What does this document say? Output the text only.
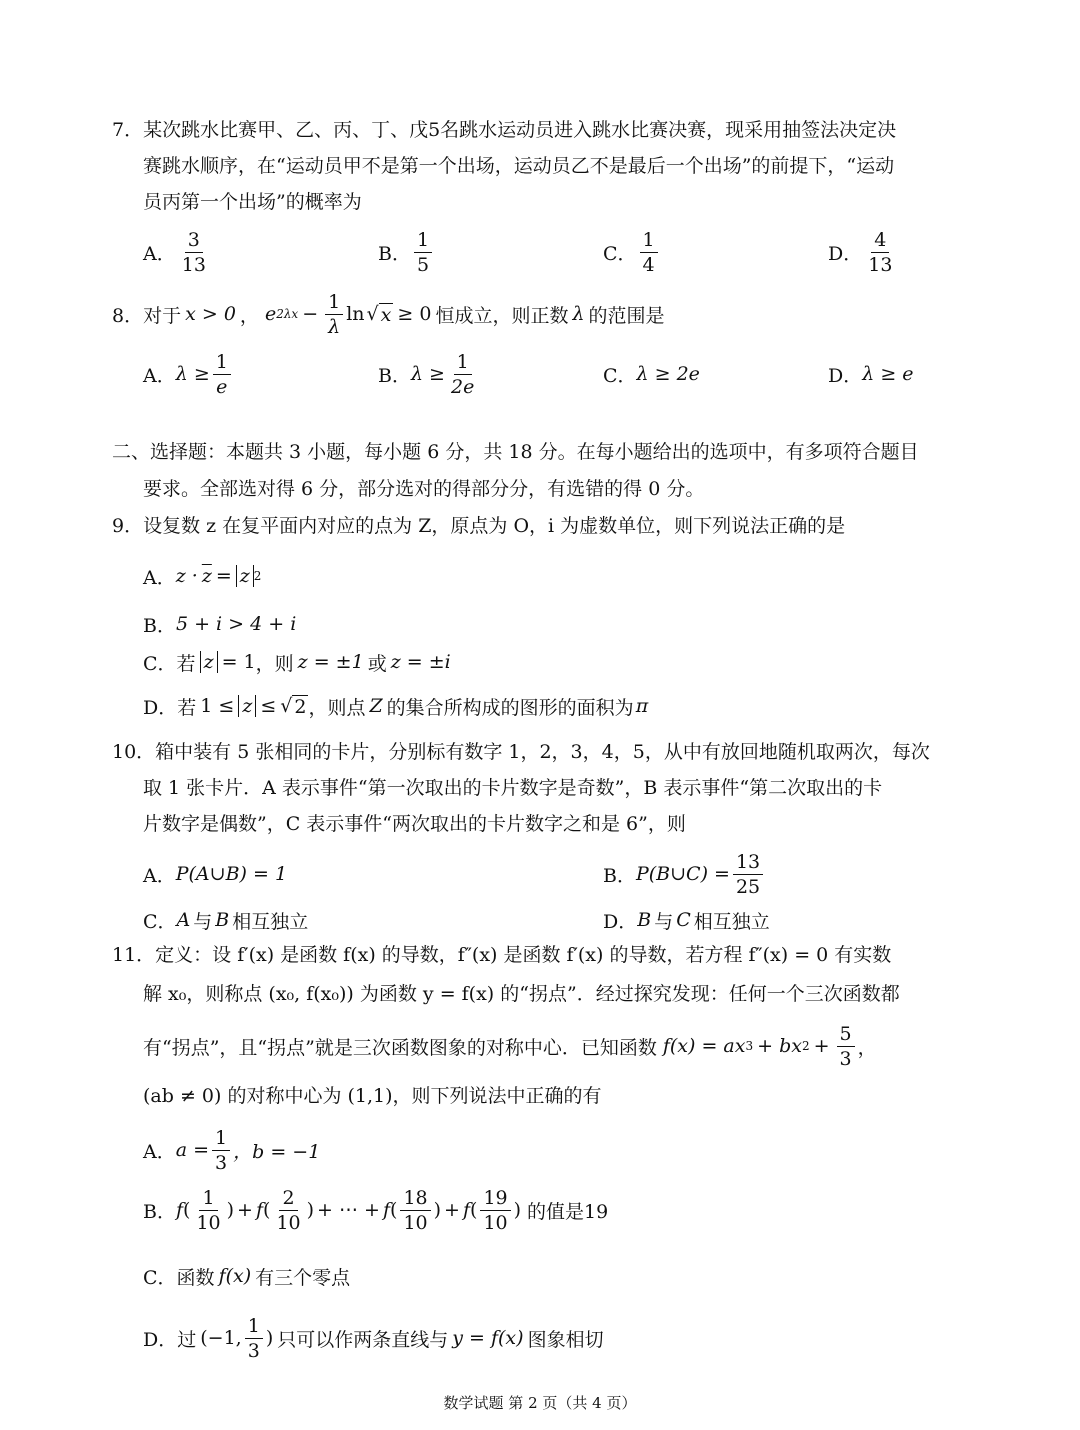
7．某次跳水比赛甲、乙、丙、丁、戊5名跳水运动员进入跳水比赛决赛，现采用抽签法决定决
赛跳水顺序，在“运动员甲不是第一个出场，运动员乙不是最后一个出场”的前提下，“运动
员丙第一个出场”的概率为
A． $\frac{3}{13}$	B． $\frac{1}{5}$	C． $\frac{1}{4}$	D． $\frac{4}{13}$
8． 对于 x > 0 ， e $2\lambda x - \frac{1}{\lambda}$ ln √ x ≥ 0 恒成立，则正数 λ 的范围是
A． $\lambda \ge \frac{1}{e}$	B． $\lambda \ge \frac{1}{2e}$	C． λ ≥ 2e	D． λ ≥ e
二、选择题：本题共 3 小题，每小题 6 分，共 18 分。在每小题给出的选项中，有多项符合题目
要求。全部选对得 6 分，部分选对的得部分分，有选错的得 0 分。
9．设复数 z 在复平面内对应的点为 Z，原点为 O，i 为虚数单位，则下列说法正确的是
A． $z \cdot \overline{z} = z$ 2
B． 5 + i > 4 + i
C． 若 z = 1 ，则 z = ±1 或 z = ±i
D． 若 1 ≤ z ≤ √ 2 ，则点 Z 的集合所构成的图形的面积为 π
10．箱中装有 5 张相同的卡片，分别标有数字 1，2，3，4，5，从中有放回地随机取两次，每次
取 1 张卡片．A 表示事件“第一次取出的卡片数字是奇数”，B 表示事件“第二次取出的卡
片数字是偶数”，C 表示事件“两次取出的卡片数字之和是 6”，则
A． P(A∪B) = 1	B． P(B∪C) = $\frac{13}{25}$
C． A 与 B 相互独立	D． B 与 C 相互独立
11．定义：设 f′(x) 是函数 f(x) 的导数，f″(x) 是函数 f′(x) 的导数，若方程 f″(x) = 0 有实数
解 x₀，则称点 (x₀, f(x₀)) 为函数 y = f(x) 的“拐点”．经过探究发现：任何一个三次函数都
有“拐点”，且“拐点”就是三次函数图象的对称中心．已知函数 f(x) = ax 3 + bx $2 + \frac{5}{3}$ ，
(ab ≠ 0) 的对称中心为 (1,1)，则下列说法中正确的有
A． $a = \frac{1}{3}$ ，b = −1
B． f ( $\frac{1}{10}$ ) + f ( $\frac{2}{10}$ ) + ⋯ + f ( $\frac{18}{10}$ ) + f ( $\frac{19}{10}$ ) 的值是19
C． 函数 f(x) 有三个零点
D． 过 (−1, $\frac{1}{3}$ ) 只可以作两条直线与 y = f(x) 图象相切
数学试题 第 2 页（共 4 页）
